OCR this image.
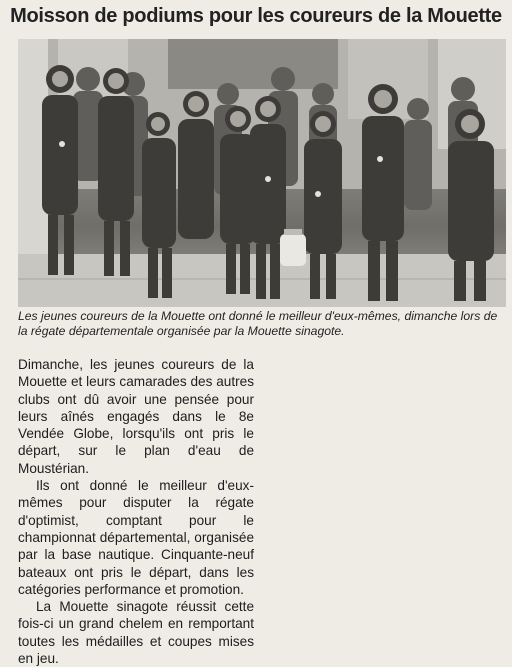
Moisson de podiums pour les coureurs de la Mouette
Les jeunes coureurs de la Mouette ont donné le meilleur d'eux-mêmes, dimanche lors de la régate départementale organisée par la Mouette sinagote.

Dimanche, les jeunes coureurs de la Mouette et leurs camarades des autres clubs ont dû avoir une pensée pour leurs aînés engagés dans le 8e Vendée Globe, lorsqu'ils ont pris le départ, sur le plan d'eau de Moustérian.

Ils ont donné le meilleur d'eux-mêmes pour disputer la régate d'optimist, comptant pour le championnat départemental, organisée par la base nautique. Cinquante-neuf bateaux ont pris le départ, dans les catégories performance et promotion.

La Mouette sinagote réussit cette fois-ci un grand chelem en remportant toutes les médailles et coupes mises en jeu.
